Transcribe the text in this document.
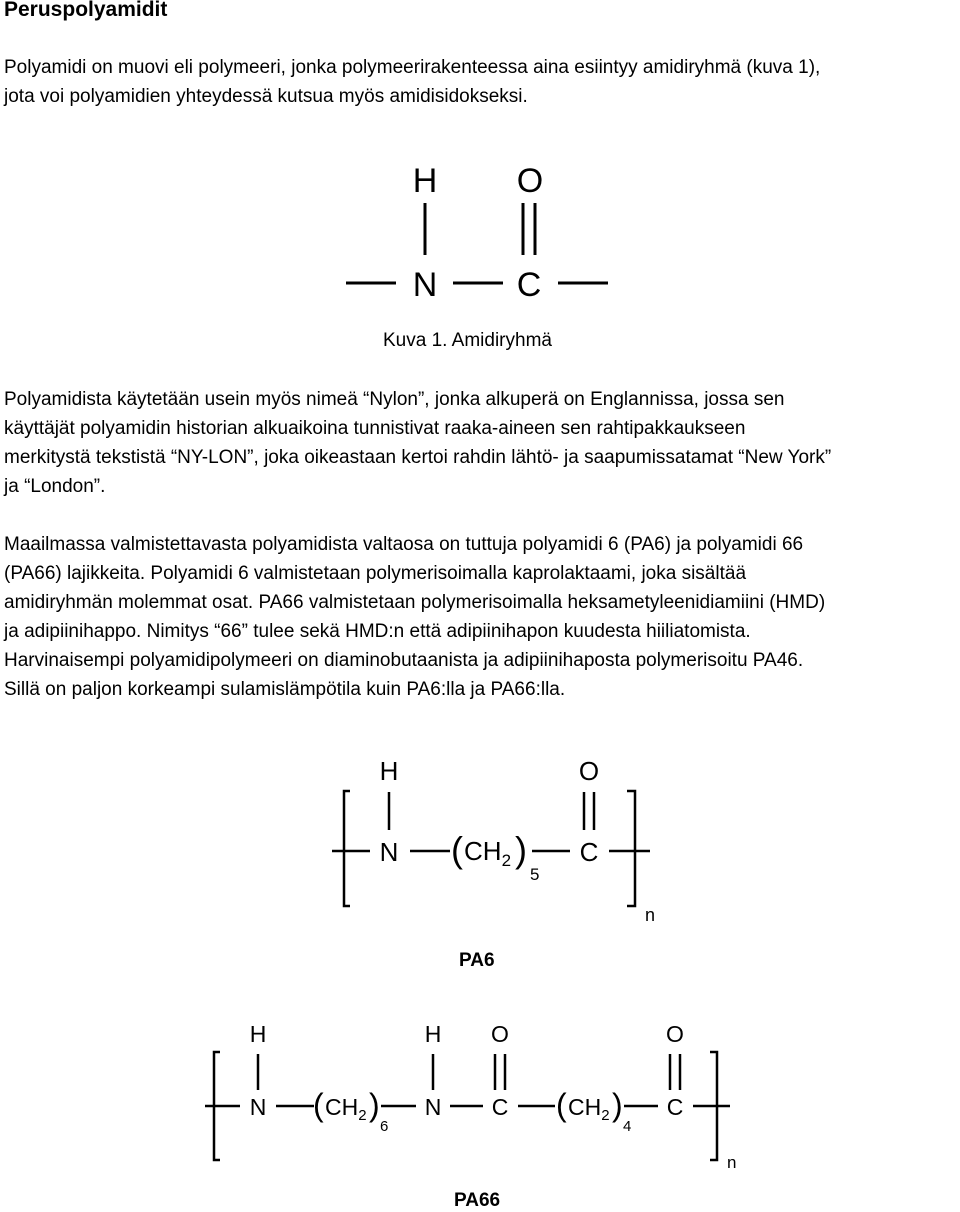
Peruspolyamidit

Polyamidi on muovi eli polymeeri, jonka polymeerirakenteessa aina esiintyy amidiryhmä (kuva 1),
jota voi polyamidien yhteydessä kutsua myös amidisidokseksi.

H O
N C
Kuva 1. Amidiryhmä

Polyamidista käytetään usein myös nimeä “Nylon”, jonka alkuperä on Englannissa, jossa sen
käyttäjät polyamidin historian alkuaikoina tunnistivat raaka-aineen sen rahtipakkaukseen
merkitystä tekstistä “NY-LON”, joka oikeastaan kertoi rahdin lähtö- ja saapumissatamat “New York”
ja “London”.

Maailmassa valmistettavasta polyamidista valtaosa on tuttuja polyamidi 6 (PA6) ja polyamidi 66
(PA66) lajikkeita. Polyamidi 6 valmistetaan polymerisoimalla kaprolaktaami, joka sisältää
amidiryhmän molemmat osat. PA66 valmistetaan polymerisoimalla heksametyleenidiamiini (HMD)
ja adipiinihappo. Nimitys “66” tulee sekä HMD:n että adipiinihapon kuudesta hiiliatomista.
Harvinaisempi polyamidipolymeeri on diaminobutaanista ja adipiinihaposta polymerisoitu PA46.
Sillä on paljon korkeampi sulamislämpötila kuin PA6:lla ja PA66:lla.

H	O
N ( $CH_2$ )
5
C
n
PA6
H	H O	O
N ( $CH_2$ )
6
N C ( $CH_2$ )
4
C
n
PA66
